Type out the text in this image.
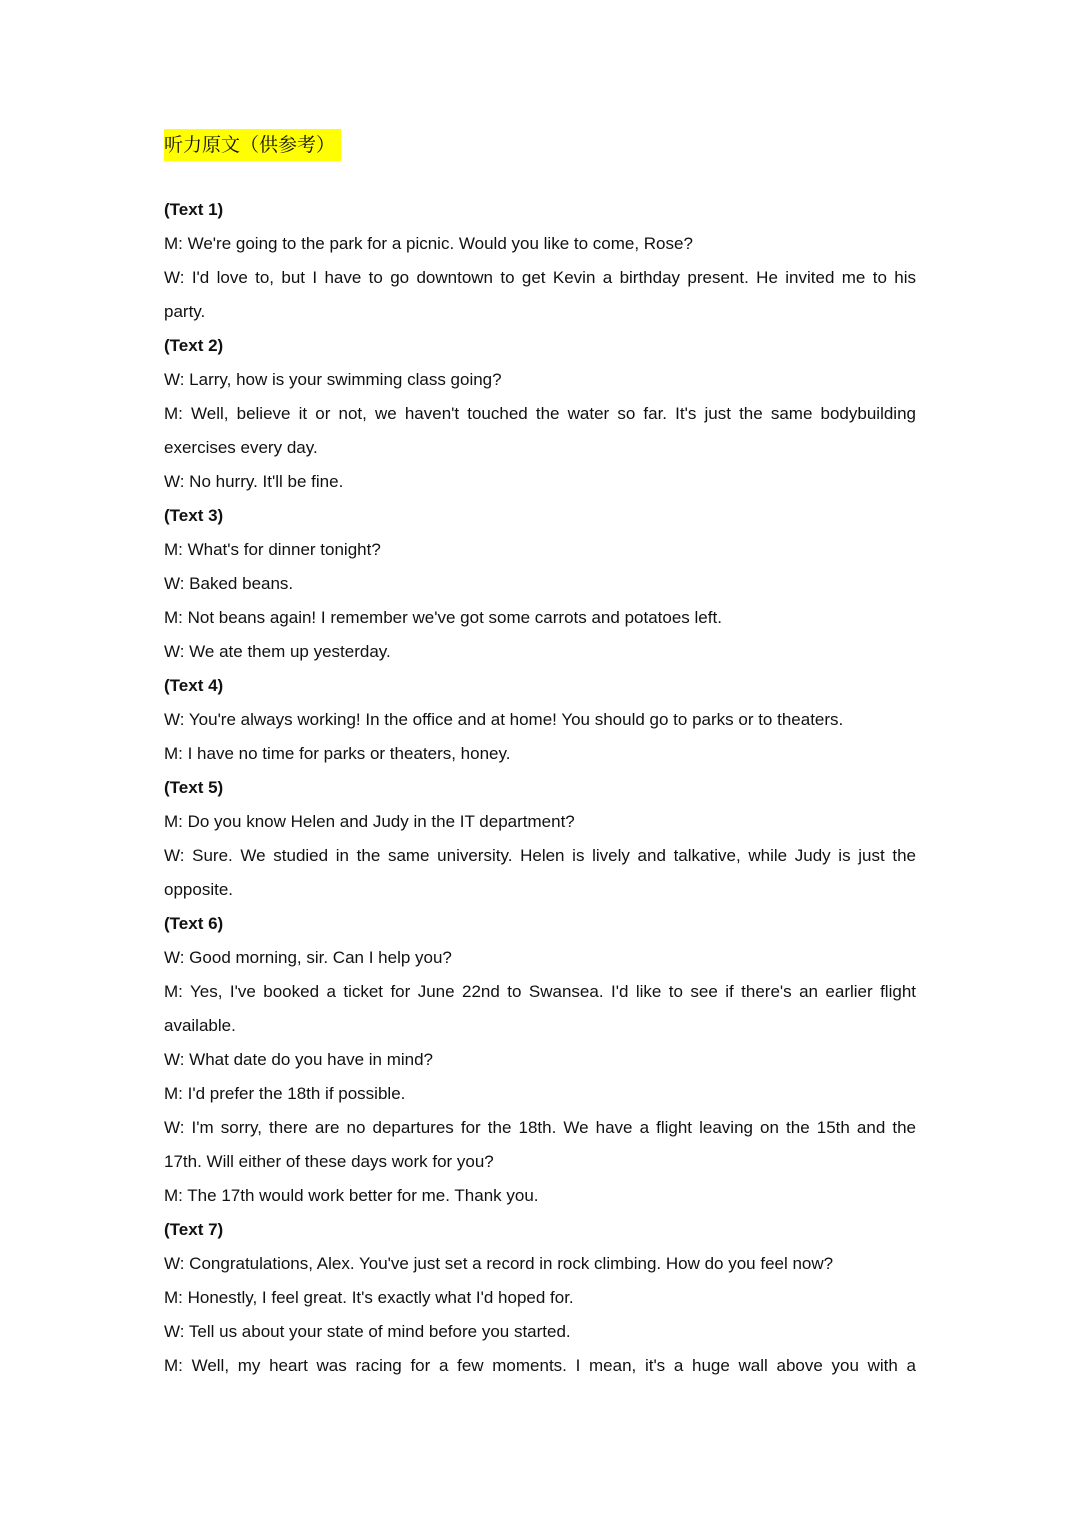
听力原文（供参考）

(Text 1)

M: We're going to the park for a picnic. Would you like to come, Rose?

W: I'd love to, but I have to go downtown to get Kevin a birthday present. He invited me to his

party.

(Text 2)

W: Larry, how is your swimming class going?

M: Well, believe it or not, we haven't touched the water so far. It's just the same bodybuilding

exercises every day.

W: No hurry. It'll be fine.

(Text 3)

M: What's for dinner tonight?

W: Baked beans.

M: Not beans again! I remember we've got some carrots and potatoes left.

W: We ate them up yesterday.

(Text 4)

W: You're always working! In the office and at home! You should go to parks or to theaters.

M: I have no time for parks or theaters, honey.

(Text 5)

M: Do you know Helen and Judy in the IT department?

W: Sure. We studied in the same university. Helen is lively and talkative, while Judy is just the

opposite.

(Text 6)

W: Good morning, sir. Can I help you?

M: Yes, I've booked a ticket for June 22nd to Swansea. I'd like to see if there's an earlier flight

available.

W: What date do you have in mind?

M: I'd prefer the 18th if possible.

W: I'm sorry, there are no departures for the 18th. We have a flight leaving on the 15th and the

17th. Will either of these days work for you?

M: The 17th would work better for me. Thank you.

(Text 7)

W: Congratulations, Alex. You've just set a record in rock climbing. How do you feel now?

M: Honestly, I feel great. It's exactly what I'd hoped for.

W: Tell us about your state of mind before you started.

M: Well, my heart was racing for a few moments. I mean, it's a huge wall above you with a
